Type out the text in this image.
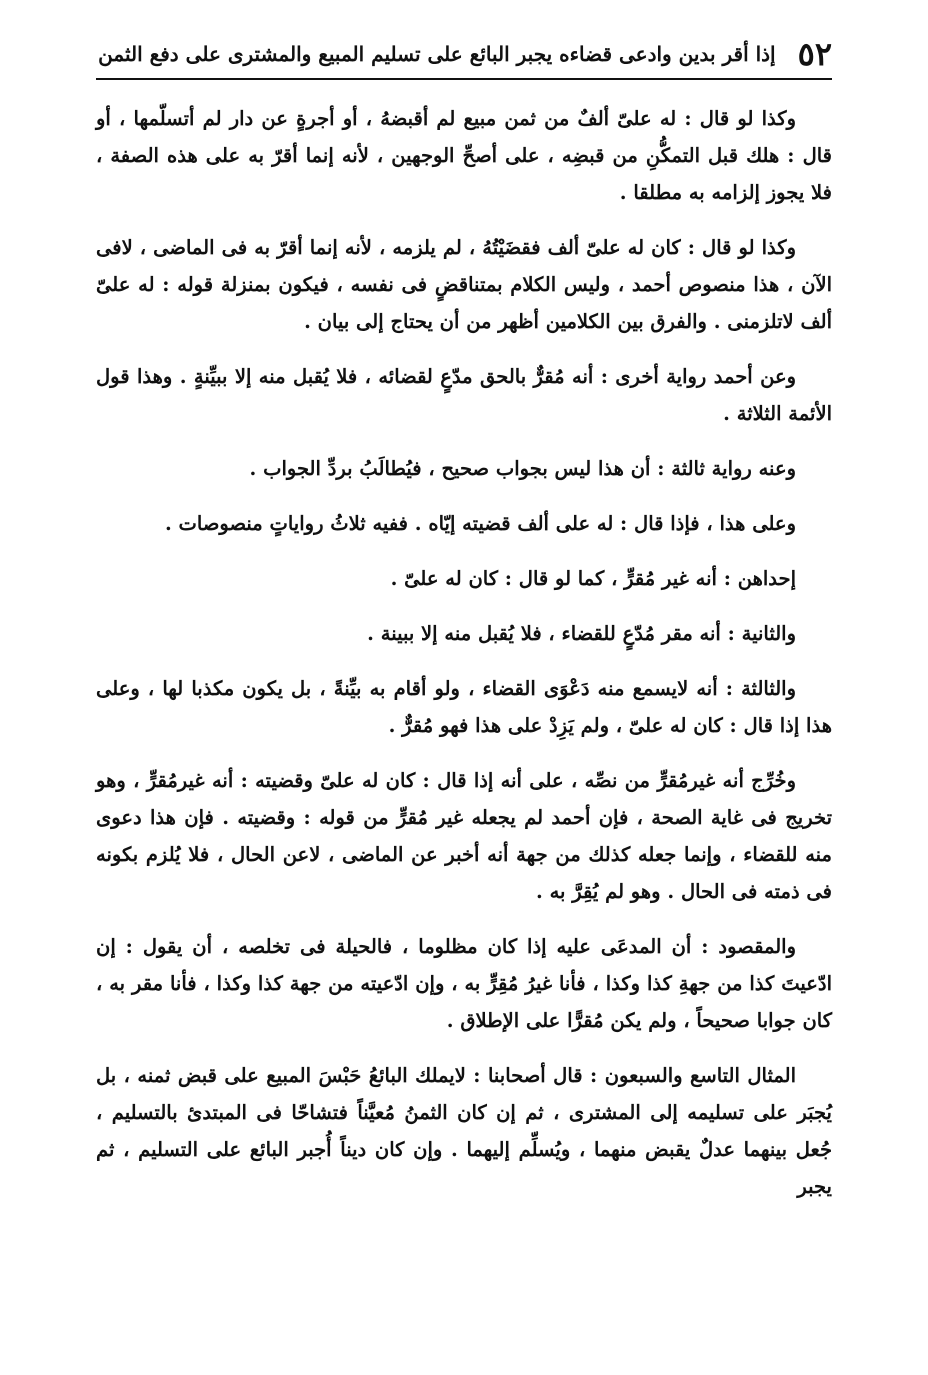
٥٢
إذا أقر بدين وادعى قضاءه يجبر البائع على تسليم المبيع والمشترى على دفع الثمن

وكذا لو قال : له علىّ ألفٌ من ثمن مبيع لم أقبضهُ ، أو أجرةٍ عن دار لم أتسلّمها ، أو قال : هلك قبل التمكُّنِ من قبضِه ، على أصحِّ الوجهين ، لأنه إنما أقرّ به على هذه الصفة ، فلا يجوز إلزامه به مطلقا .

وكذا لو قال : كان له علىّ ألف فقضَيْتُهُ ، لم يلزمه ، لأنه إنما أقرّ به فى الماضى ، لافى الآن ، هذا منصوص أحمد ، وليس الكلام بمتناقضٍ فى نفسه ، فيكون بمنزلة قوله : له علىّ ألف لاتلزمنى . والفرق بين الكلامين أظهر من أن يحتاج إلى بيان .

وعن أحمد رواية أخرى : أنه مُقرٌّ بالحق مدّعٍ لقضائه ، فلا يُقبل منه إلا ببيِّنةٍ . وهذا قول الأئمة الثلاثة .

وعنه رواية ثالثة : أن هذا ليس بجواب صحيح ، فيُطالَبُ بردِّ الجواب .

وعلى هذا ، فإذا قال : له على ألف قضيته إيّاه . ففيه ثلاثُ رواياتٍ منصوصات .

إحداهن : أنه غير مُقرٍّ ، كما لو قال : كان له علىّ .

والثانية : أنه مقر مُدّعٍ للقضاء ، فلا يُقبل منه إلا ببينة .

والثالثة : أنه لايسمع منه دَعْوَى القضاء ، ولو أقام به بيِّنةً ، بل يكون مكذبا لها ، وعلى هذا إذا قال : كان له علىّ ، ولم يَزِدْ على هذا فهو مُقرٌّ .

وخُرِّج أنه غيرمُقرٍّ من نصِّه ، على أنه إذا قال : كان له علىّ وقضيته : أنه غيرمُقرٍّ ، وهو تخريج فى غاية الصحة ، فإن أحمد لم يجعله غير مُقرٍّ من قوله : وقضيته . فإن هذا دعوى منه للقضاء ، وإنما جعله كذلك من جهة أنه أخبر عن الماضى ، لاعن الحال ، فلا يُلزم بكونه فى ذمته فى الحال . وهو لم يُقِرَّ به .

والمقصود : أن المدعَى عليه إذا كان مظلوما ، فالحيلة فى تخلصه ، أن يقول : إن ادّعيتَ كذا من جهةِ كذا وكذا ، فأنا غيرُ مُقِرٍّ به ، وإن ادّعيته من جهة كذا وكذا ، فأنا مقر به ، كان جوابا صحيحاً ، ولم يكن مُقرًّا على الإطلاق .

المثال التاسع والسبعون : قال أصحابنا : لايملك البائعُ حَبْسَ المبيع على قبض ثمنه ، بل يُجبَر على تسليمه إلى المشترى ، ثم إن كان الثمنُ مُعيَّناً فتشاحّا فى المبتدئ بالتسليم ، جُعل بينهما عدلٌ يقبض منهما ، ويُسلِّم إليهما . وإن كان ديناً أُجبر البائع على التسليم ، ثم يجبر
